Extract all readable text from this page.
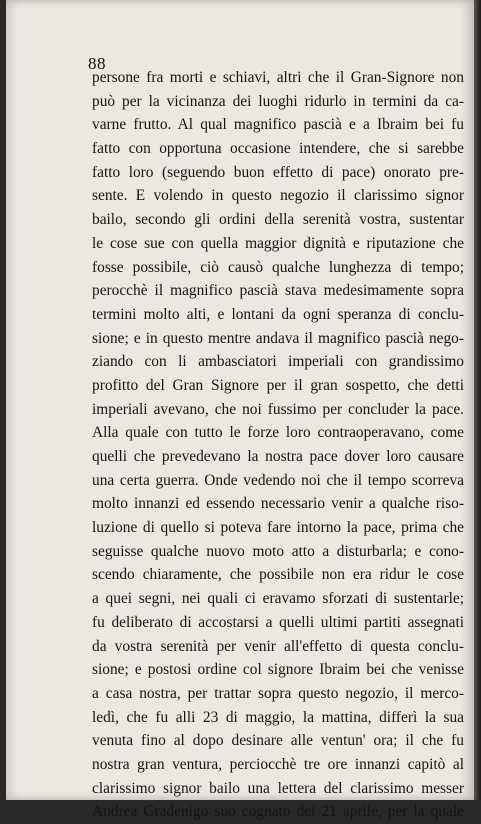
88
persone fra morti e schiavi, altri che il Gran-Signore non
può per la vicinanza dei luoghi ridurlo in termini da ca-
varne frutto. Al qual magnifico pascià e a Ibraim bei fu
fatto con opportuna occasione intendere, che si sarebbe
fatto loro (seguendo buon effetto di pace) onorato pre-
sente. E volendo in questo negozio il clarissimo signor
bailo, secondo gli ordini della serenità vostra, sustentar
le cose sue con quella maggior dignità e riputazione che
fosse possibile, ciò causò qualche lunghezza di tempo;
perocchè il magnifico pascià stava medesimamente sopra
termini molto alti, e lontani da ogni speranza di conclu-
sione; e in questo mentre andava il magnifico pascià nego-
ziando con li ambasciatori imperiali con grandissimo
profitto del Gran Signore per il gran sospetto, che detti
imperiali avevano, che noi fussimo per concluder la pace.
Alla quale con tutto le forze loro contraoperavano, come
quelli che prevedevano la nostra pace dover loro causare
una certa guerra. Onde vedendo noi che il tempo scorreva
molto innanzi ed essendo necessario venir a qualche riso-
luzione di quello si poteva fare intorno la pace, prima che
seguisse qualche nuovo moto atto a disturbarla; e cono-
scendo chiaramente, che possibile non era ridur le cose
a quei segni, nei quali ci eravamo sforzati di sustentarle;
fu deliberato di accostarsi a quelli ultimi partiti assegnati
da vostra serenità per venir all'effetto di questa conclu-
sione; e postosi ordine col signore Ibraim bei che venisse
a casa nostra, per trattar sopra questo negozio, il merco-
ledì, che fu alli 23 di maggio, la mattina, differì la sua
venuta fino al dopo desinare alle ventun' ora; il che fu
nostra gran ventura, perciocchè tre ore innanzi capitò al
clarissimo signor bailo una lettera del clarissimo messer
Andrea Gradenigo suo cognato dei 21 aprile, per la quale
